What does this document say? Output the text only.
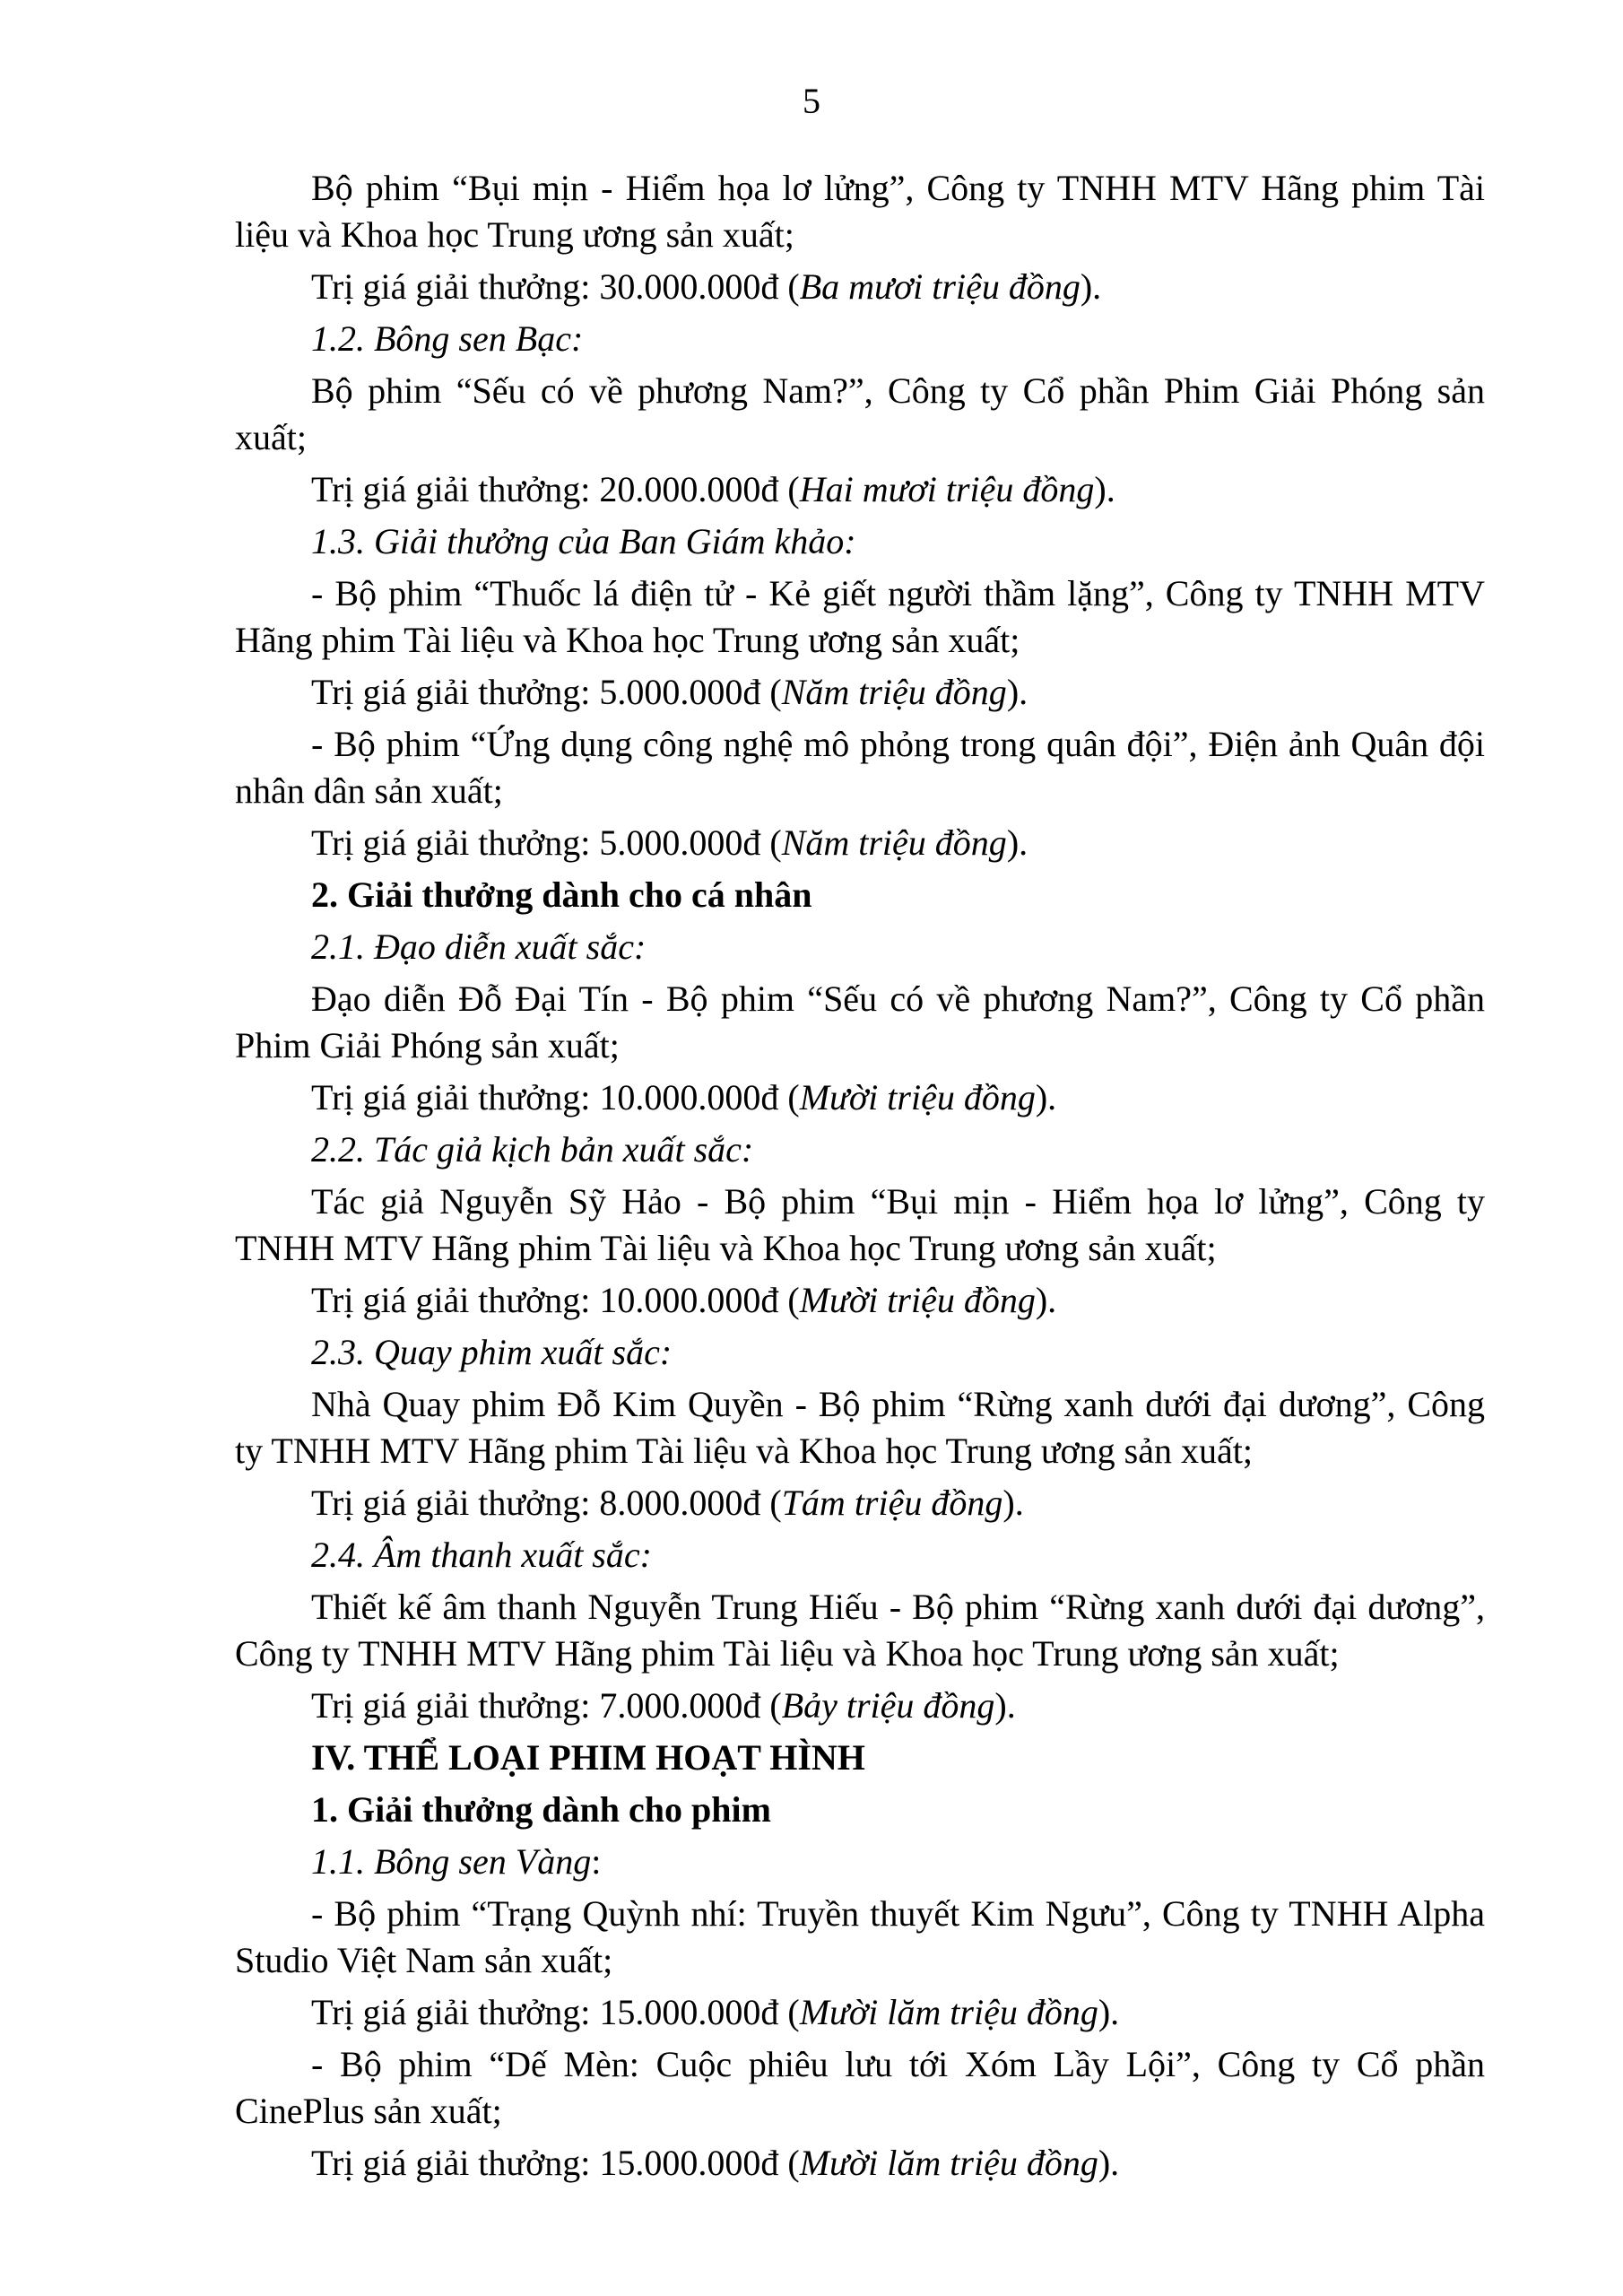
5

Bộ phim “Bụi mịn - Hiểm họa lơ lửng”, Công ty TNHH MTV Hãng phim Tài liệu và Khoa học Trung ương sản xuất;

Trị giá giải thưởng: 30.000.000đ (Ba mươi triệu đồng).

1.2. Bông sen Bạc:

Bộ phim “Sếu có về phương Nam?”, Công ty Cổ phần Phim Giải Phóng sản xuất;

Trị giá giải thưởng: 20.000.000đ (Hai mươi triệu đồng).

1.3. Giải thưởng của Ban Giám khảo:

- Bộ phim “Thuốc lá điện tử - Kẻ giết người thầm lặng”, Công ty TNHH MTV Hãng phim Tài liệu và Khoa học Trung ương sản xuất;

Trị giá giải thưởng: 5.000.000đ (Năm triệu đồng).

- Bộ phim “Ứng dụng công nghệ mô phỏng trong quân đội”, Điện ảnh Quân đội nhân dân sản xuất;

Trị giá giải thưởng: 5.000.000đ (Năm triệu đồng).

2. Giải thưởng dành cho cá nhân

2.1. Đạo diễn xuất sắc:

Đạo diễn Đỗ Đại Tín - Bộ phim “Sếu có về phương Nam?”, Công ty Cổ phần Phim Giải Phóng sản xuất;

Trị giá giải thưởng: 10.000.000đ (Mười triệu đồng).

2.2. Tác giả kịch bản xuất sắc:

Tác giả Nguyễn Sỹ Hảo - Bộ phim “Bụi mịn - Hiểm họa lơ lửng”, Công ty TNHH MTV Hãng phim Tài liệu và Khoa học Trung ương sản xuất;

Trị giá giải thưởng: 10.000.000đ (Mười triệu đồng).

2.3. Quay phim xuất sắc:

Nhà Quay phim Đỗ Kim Quyền - Bộ phim “Rừng xanh dưới đại dương”, Công ty TNHH MTV Hãng phim Tài liệu và Khoa học Trung ương sản xuất;

Trị giá giải thưởng: 8.000.000đ (Tám triệu đồng).

2.4. Âm thanh xuất sắc:

Thiết kế âm thanh Nguyễn Trung Hiếu - Bộ phim “Rừng xanh dưới đại dương”, Công ty TNHH MTV Hãng phim Tài liệu và Khoa học Trung ương sản xuất;

Trị giá giải thưởng: 7.000.000đ (Bảy triệu đồng).

IV. THỂ LOẠI PHIM HOẠT HÌNH

1. Giải thưởng dành cho phim

1.1. Bông sen Vàng:

- Bộ phim “Trạng Quỳnh nhí: Truyền thuyết Kim Ngưu”, Công ty TNHH Alpha Studio Việt Nam sản xuất;

Trị giá giải thưởng: 15.000.000đ (Mười lăm triệu đồng).

- Bộ phim “Dế Mèn: Cuộc phiêu lưu tới Xóm Lầy Lội”, Công ty Cổ phần CinePlus sản xuất;

Trị giá giải thưởng: 15.000.000đ (Mười lăm triệu đồng).
